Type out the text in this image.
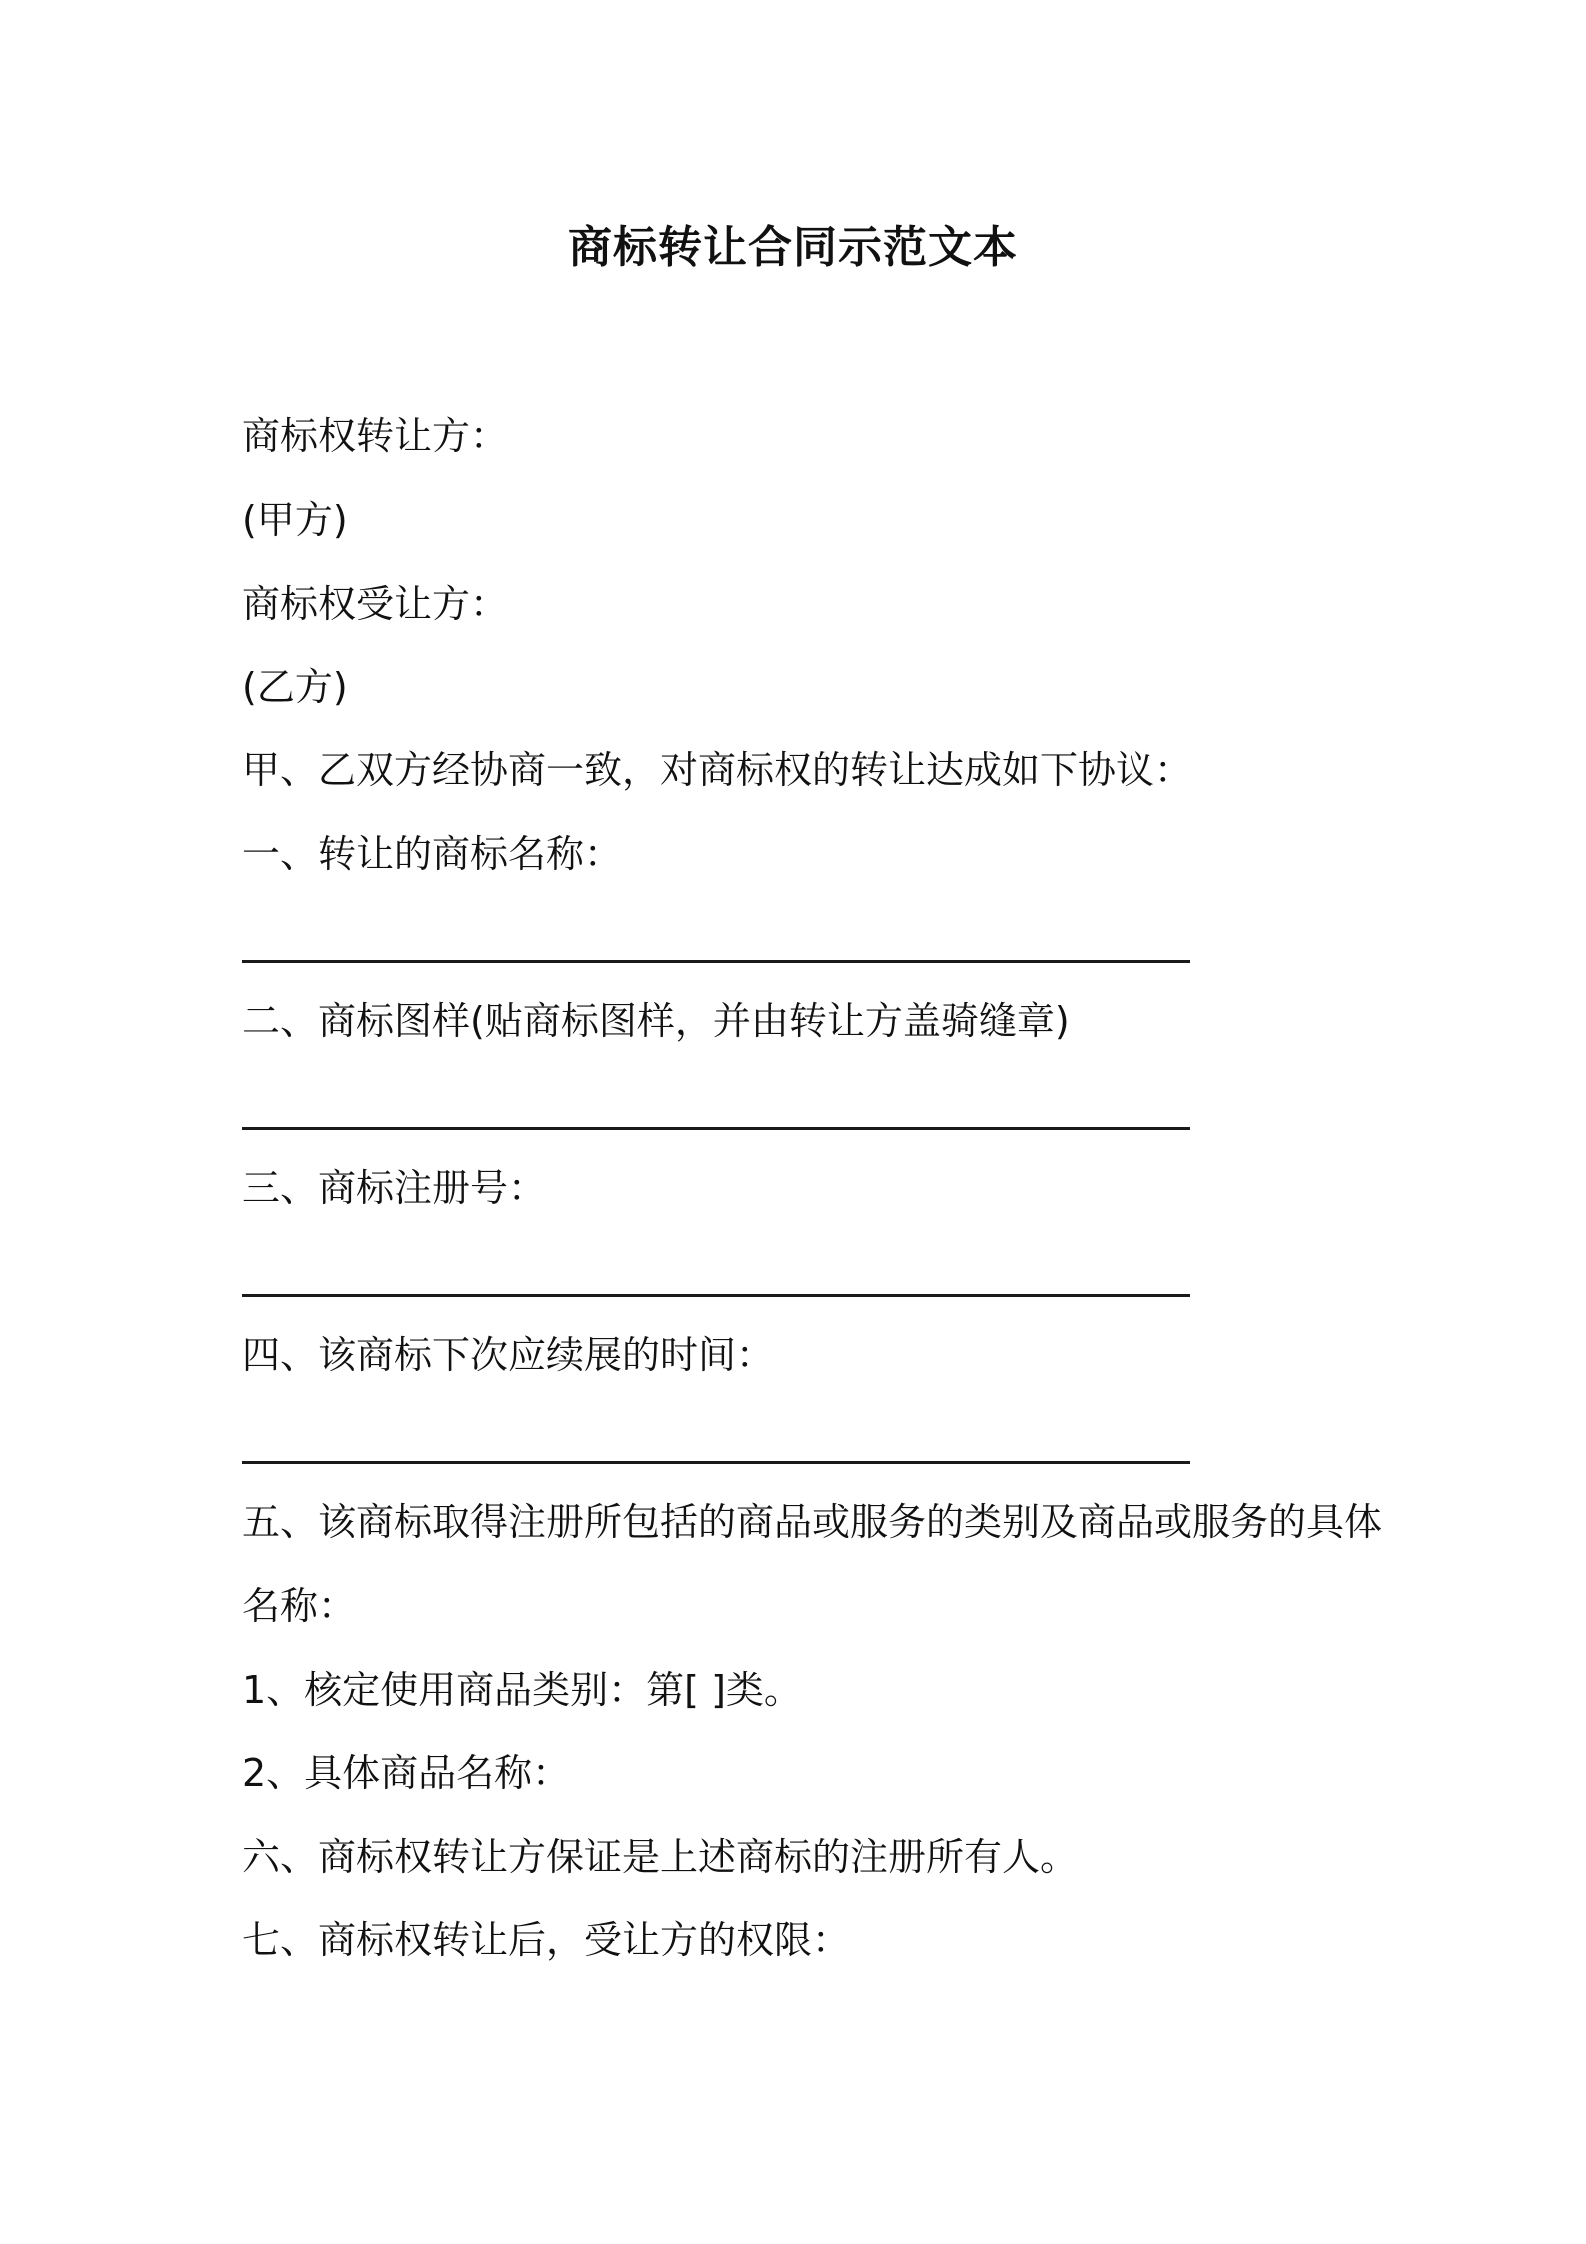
商标转让合同示范文本
商标权转让方：
(甲方)
商标权受让方：
(乙方)
甲、乙双方经协商一致，对商标权的转让达成如下协议：
一、转让的商标名称：
二、商标图样(贴商标图样，并由转让方盖骑缝章)
三、商标注册号：
四、该商标下次应续展的时间：
五、该商标取得注册所包括的商品或服务的类别及商品或服务的具体
名称：
1、核定使用商品类别：第[ ]类。
2、具体商品名称：
六、商标权转让方保证是上述商标的注册所有人。
七、商标权转让后，受让方的权限：
